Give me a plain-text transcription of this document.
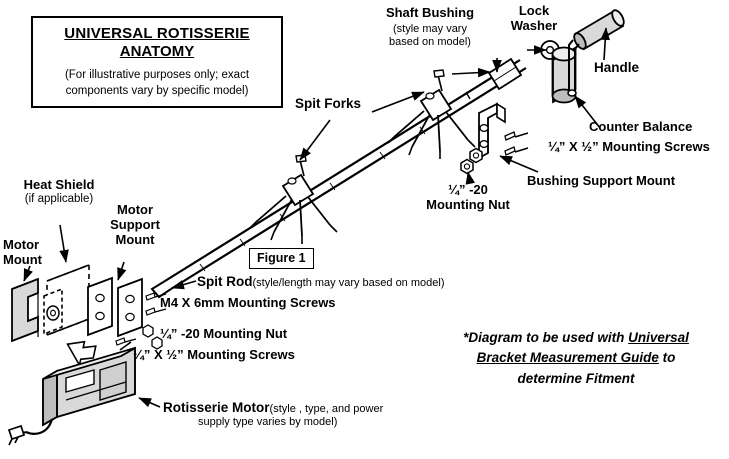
UNIVERSAL ROTISSERIE
ANATOMY
(For illustrative purposes only; exact
components vary by specific model)
Shaft Bushing
(style may vary
based on model)
Lock
Washer
Handle
Counter Balance
¼” X ½” Mounting Screws
Bushing Support Mount
¼” -20
Mounting Nut
Spit Forks
Heat Shield
(if applicable)
Motor
Support
Mount
Motor
Mount	Figure 1
Spit Rod(style/length may vary based on model)
M4 X 6mm Mounting Screws
¼” -20 Mounting Nut
¼” X ½” Mounting Screws
Rotisserie Motor(style , type, and power
supply type varies by model)
*Diagram to be used with Universal
Bracket Measurement Guide to
determine Fitment
